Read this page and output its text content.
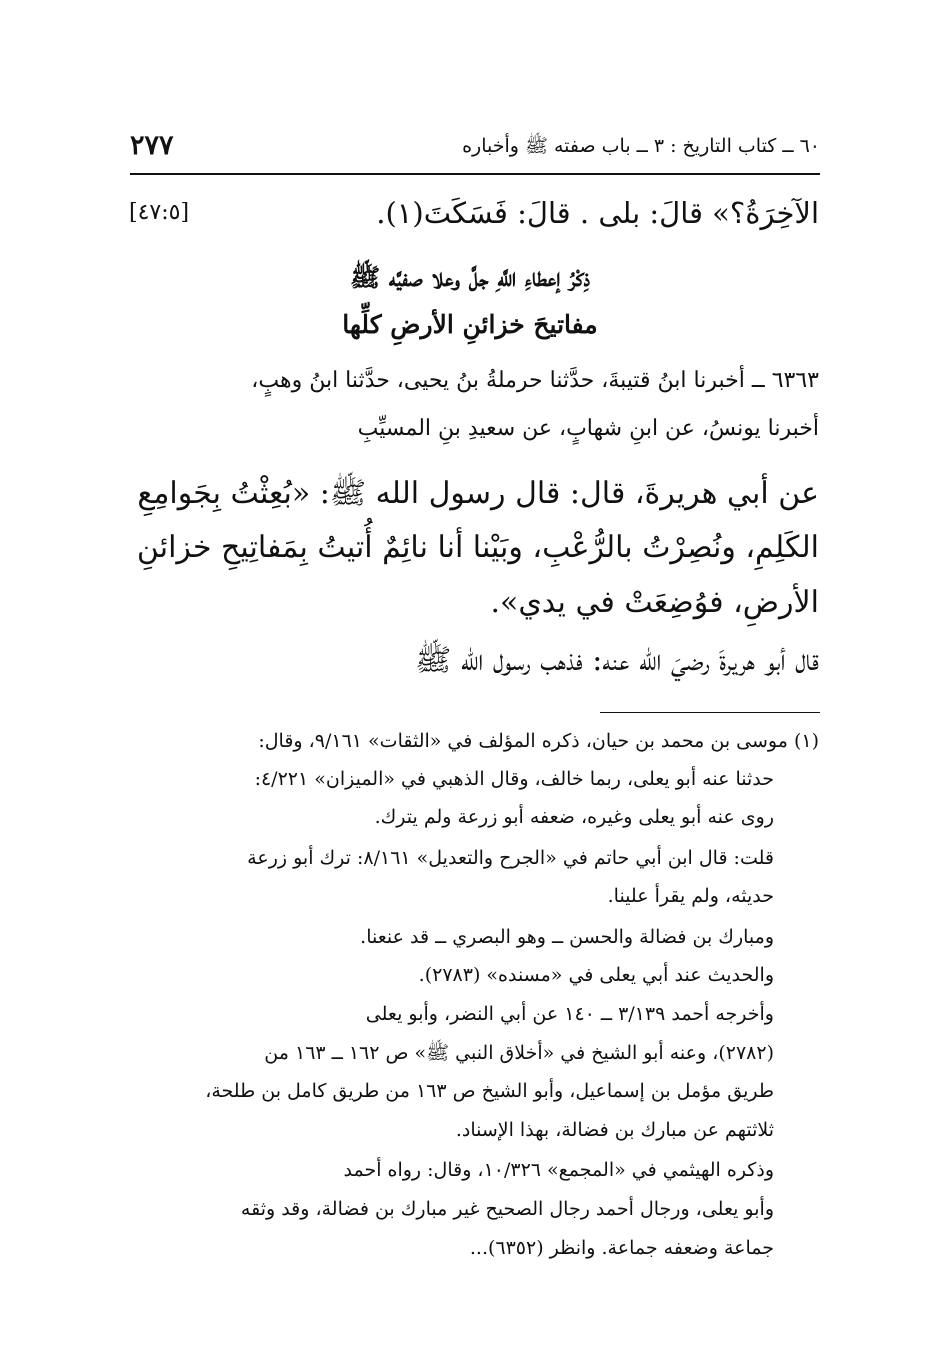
٦٠ ــ كتاب التاريخ : ٣ ــ باب صفته ﷺ وأخباره
٢٧٧
الآخِرَةُ؟» قالَ: بلى . قالَ: فَسَكَتَ(١).
[٤٧:٥]
ذِكْرُ إعطاءِ اللَّهِ جلَّ وعلا صفيَّه ﷺ
مفاتيحَ خزائنِ الأرضِ كلِّها
٦٣٦٣ ــ أخبرنا ابنُ قتيبةَ، حدَّثنا حرملةُ بنُ يحيى، حدَّثنا ابنُ وهبٍ،
أخبرنا يونسُ، عن ابنِ شهابٍ، عن سعيدِ بنِ المسيِّبِ
عن أبي هريرةَ، قال: قال رسول الله ﷺ: «بُعِثْتُ بِجَوامِعِ
الكَلِمِ، ونُصِرْتُ بالرُّعْبِ، وبَيْنا أنا نائِمٌ أُتيتُ بِمَفاتِيحِ خزائنِ
الأرضِ، فوُضِعَتْ في يدي».
قال أبو هريرةَ رضيَ الله عنه: فذهب رسول الله ﷺ
(١) موسى بن محمد بن حيان، ذكره المؤلف في «الثقات» ٩/١٦١، وقال:
حدثنا عنه أبو يعلى، ربما خالف، وقال الذهبي في «الميزان» ٤/٢٢١:
روى عنه أبو يعلى وغيره، ضعفه أبو زرعة ولم يترك.
قلت: قال ابن أبي حاتم في «الجرح والتعديل» ٨/١٦١: ترك أبو زرعة
حديثه، ولم يقرأ علينا.
ومبارك بن فضالة والحسن ــ وهو البصري ــ قد عنعنا.
والحديث عند أبي يعلى في «مسنده» (٢٧٨٣).
وأخرجه أحمد ٣/١٣٩ ــ ١٤٠ عن أبي النضر، وأبو يعلى
(٢٧٨٢)، وعنه أبو الشيخ في «أخلاق النبي ﷺ» ص ١٦٢ ــ ١٦٣ من
طريق مؤمل بن إسماعيل، وأبو الشيخ ص ١٦٣ من طريق كامل بن طلحة،
ثلاثتهم عن مبارك بن فضالة، بهذا الإسناد.
وذكره الهيثمي في «المجمع» ١٠/٣٢٦، وقال: رواه أحمد
وأبو يعلى، ورجال أحمد رجال الصحيح غير مبارك بن فضالة، وقد وثقه
جماعة وضعفه جماعة. وانظر (٦٣٥٢)...
